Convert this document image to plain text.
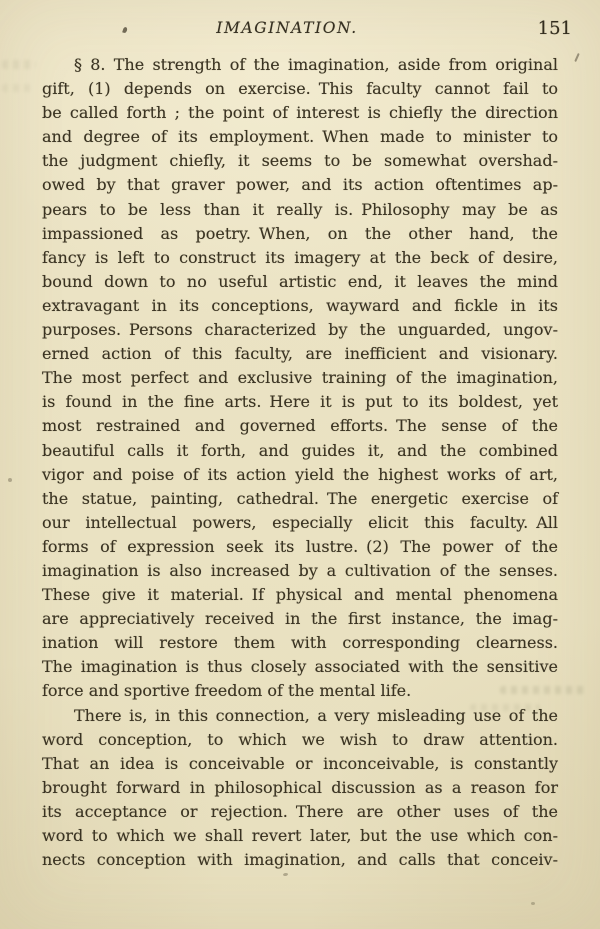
IMAGINATION.	151
§ 8. The strength of the imagination, aside from original
gift, (1) depends on exercise. This faculty cannot fail to
be called forth ; the point of interest is chiefly the direction
and degree of its employment. When made to minister to
the judgment chiefly, it seems to be somewhat overshad-
owed by that graver power, and its action oftentimes ap-
pears to be less than it really is. Philosophy may be as
impassioned as poetry. When, on the other hand, the
fancy is left to construct its imagery at the beck of desire,
bound down to no useful artistic end, it leaves the mind
extravagant in its conceptions, wayward and fickle in its
purposes. Persons characterized by the unguarded, ungov-
erned action of this faculty, are inefficient and visionary.
The most perfect and exclusive training of the imagination,
is found in the fine arts. Here it is put to its boldest, yet
most restrained and governed efforts. The sense of the
beautiful calls it forth, and guides it, and the combined
vigor and poise of its action yield the highest works of art,
the statue, painting, cathedral. The energetic exercise of
our intellectual powers, especially elicit this faculty. All
forms of expression seek its lustre. (2) The power of the
imagination is also increased by a cultivation of the senses.
These give it material. If physical and mental phenomena
are appreciatively received in the first instance, the imag-
ination will restore them with corresponding clearness.
The imagination is thus closely associated with the sensitive
force and sportive freedom of the mental life.
There is, in this connection, a very misleading use of the
word conception, to which we wish to draw attention.
That an idea is conceivable or inconceivable, is constantly
brought forward in philosophical discussion as a reason for
its acceptance or rejection. There are other uses of the
word to which we shall revert later, but the use which con-
nects conception with imagination, and calls that conceiv-
